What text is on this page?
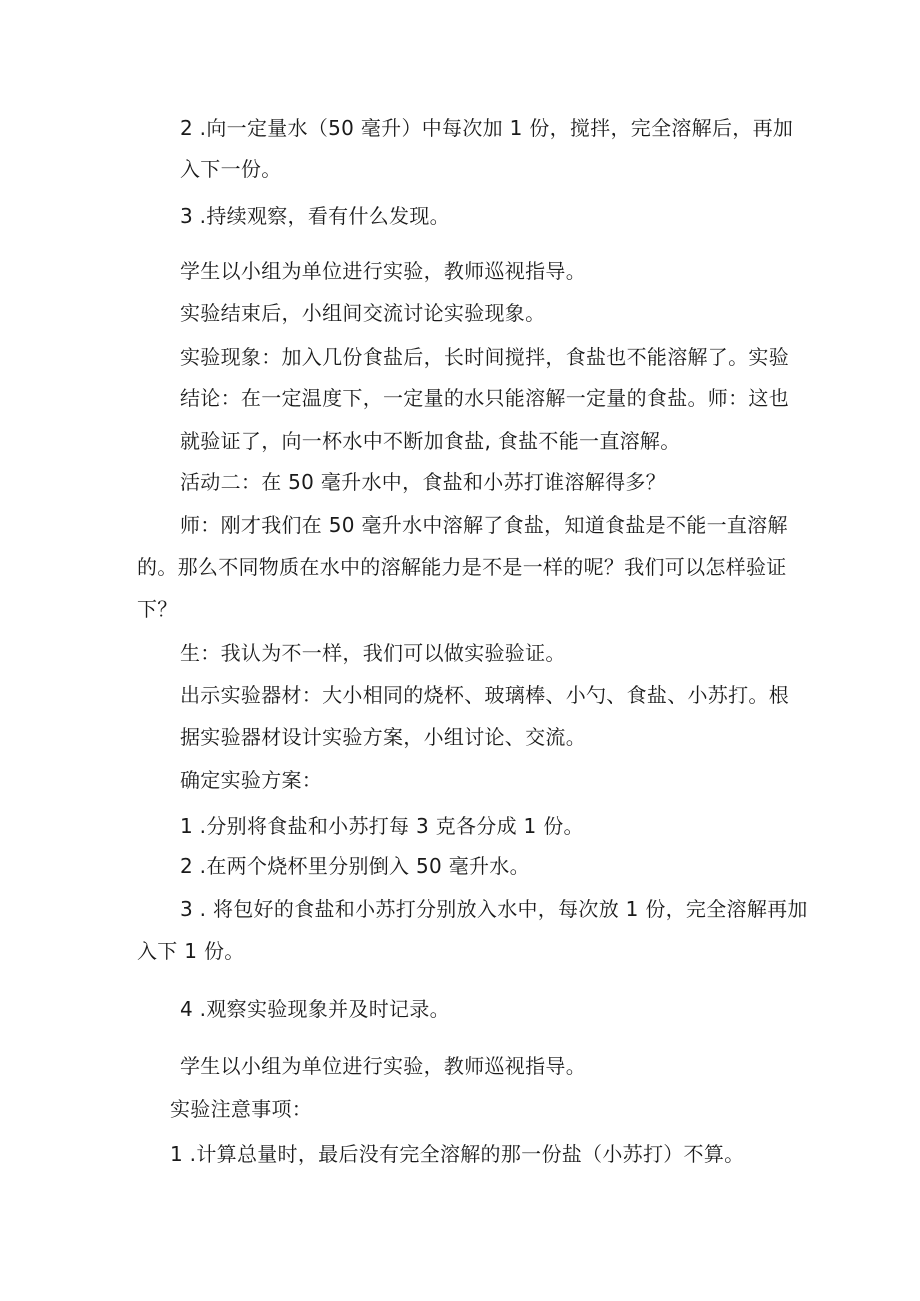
2 .向一定量水（50 毫升）中每次加 1 份，搅拌，完全溶解后，再加
入下一份。
3 .持续观察，看有什么发现。
学生以小组为单位进行实验，教师巡视指导。
实验结束后，小组间交流讨论实验现象。
实验现象：加入几份食盐后，长时间搅拌，食盐也不能溶解了。实验
结论：在一定温度下，一定量的水只能溶解一定量的食盐。师：这也
就验证了，向一杯水中不断加食盐, 食盐不能一直溶解。
活动二：在 50 毫升水中，食盐和小苏打谁溶解得多？
师：刚才我们在 50 毫升水中溶解了食盐，知道食盐是不能一直溶解
的。那么不同物质在水中的溶解能力是不是一样的呢？我们可以怎样验证
下？
生：我认为不一样，我们可以做实验验证。
出示实验器材：大小相同的烧杯、玻璃棒、小勺、食盐、小苏打。根
据实验器材设计实验方案，小组讨论、交流。
确定实验方案：
1 .分别将食盐和小苏打每 3 克各分成 1 份。
2 .在两个烧杯里分别倒入 50 毫升水。
3 . 将包好的食盐和小苏打分别放入水中，每次放 1 份，完全溶解再加
入下 1 份。
4 .观察实验现象并及时记录。
学生以小组为单位进行实验，教师巡视指导。
实验注意事项：
1 .计算总量时，最后没有完全溶解的那一份盐（小苏打）不算。
